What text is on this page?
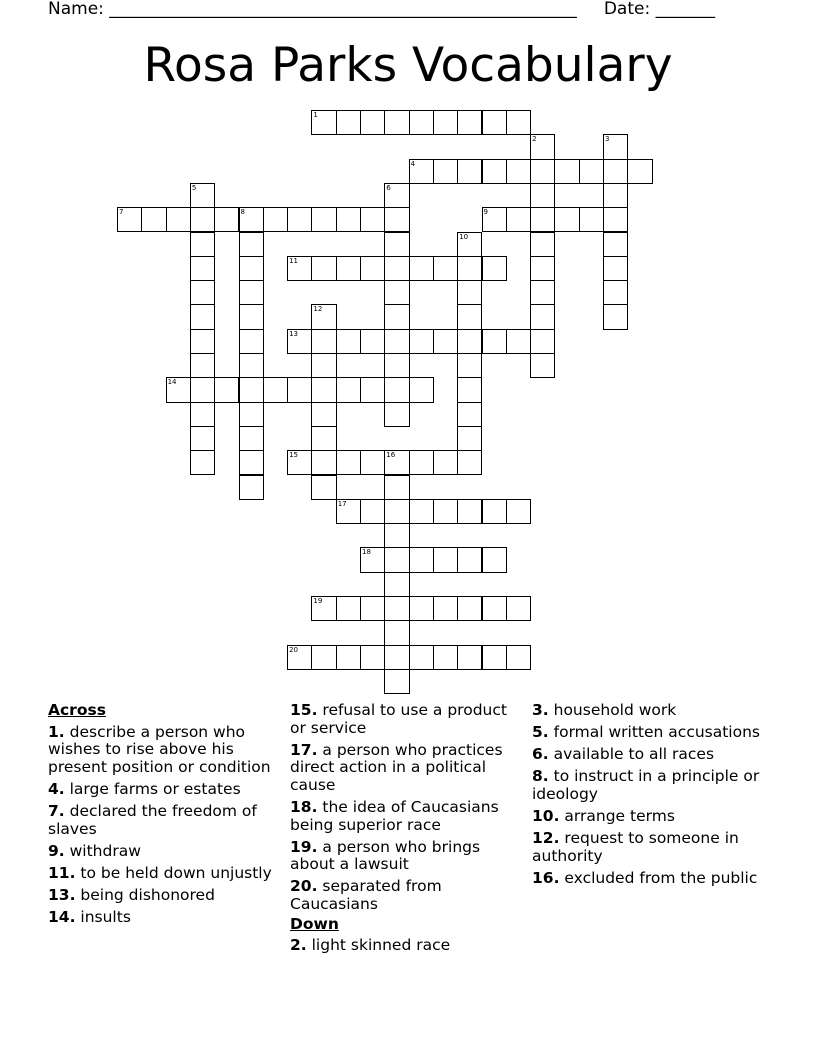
Name: _______________________________________________________ Date: _______
Rosa Parks Vocabulary
1
4
7	9
11
13
14
15
17
18
19
20
2	3
5	6
8
10
12
16
Across
1. describe a person who wishes to rise above his present position or condition
4. large farms or estates
7. declared the freedom of slaves
9. withdraw
11. to be held down unjustly
13. being dishonored
14. insults
15. refusal to use a product or service
17. a person who practices direct action in a political cause
18. the idea of Caucasians being superior race
19. a person who brings about a lawsuit
20. separated from Caucasians
Down
2. light skinned race
3. household work
5. formal written accusations
6. available to all races
8. to instruct in a principle or ideology
10. arrange terms
12. request to someone in authority
16. excluded from the public
